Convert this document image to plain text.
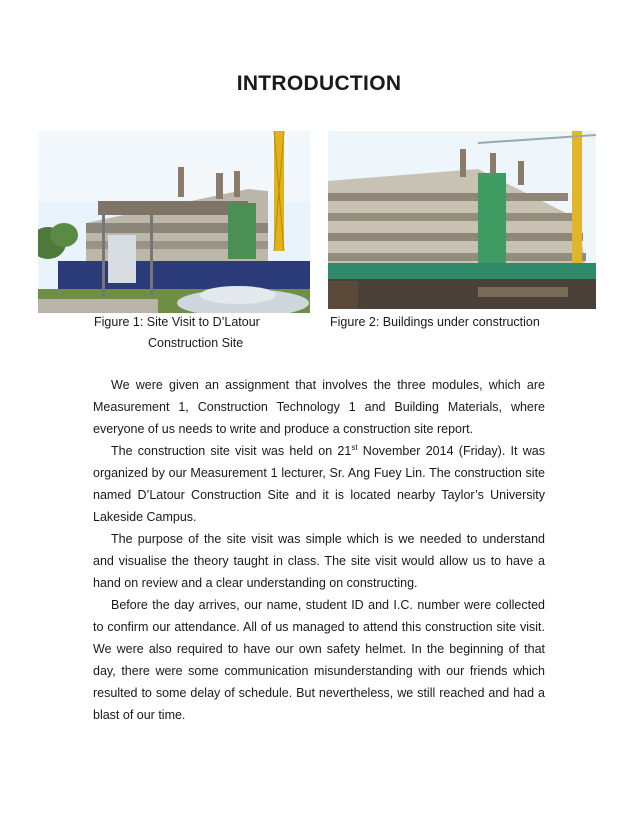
INTRODUCTION
Figure 1: Site Visit to D’Latour
Construction Site
Figure 2: Buildings under construction

We were given an assignment that involves the three modules, which are Measurement 1, Construction Technology 1 and Building Materials, where everyone of us needs to write and produce a construction site report.

The construction site visit was held on 21st November 2014 (Friday). It was organized by our Measurement 1 lecturer, Sr. Ang Fuey Lin. The construction site named D’Latour Construction Site and it is located nearby Taylor’s University Lakeside Campus.

The purpose of the site visit was simple which is we needed to understand and visualise the theory taught in class. The site visit would allow us to have a hand on review and a clear understanding on constructing.

Before the day arrives, our name, student ID and I.C. number were collected to confirm our attendance. All of us managed to attend this construction site visit. We were also required to have our own safety helmet. In the beginning of that day, there were some communication misunderstanding with our friends which resulted to some delay of schedule. But nevertheless, we still reached and had a blast of our time.
